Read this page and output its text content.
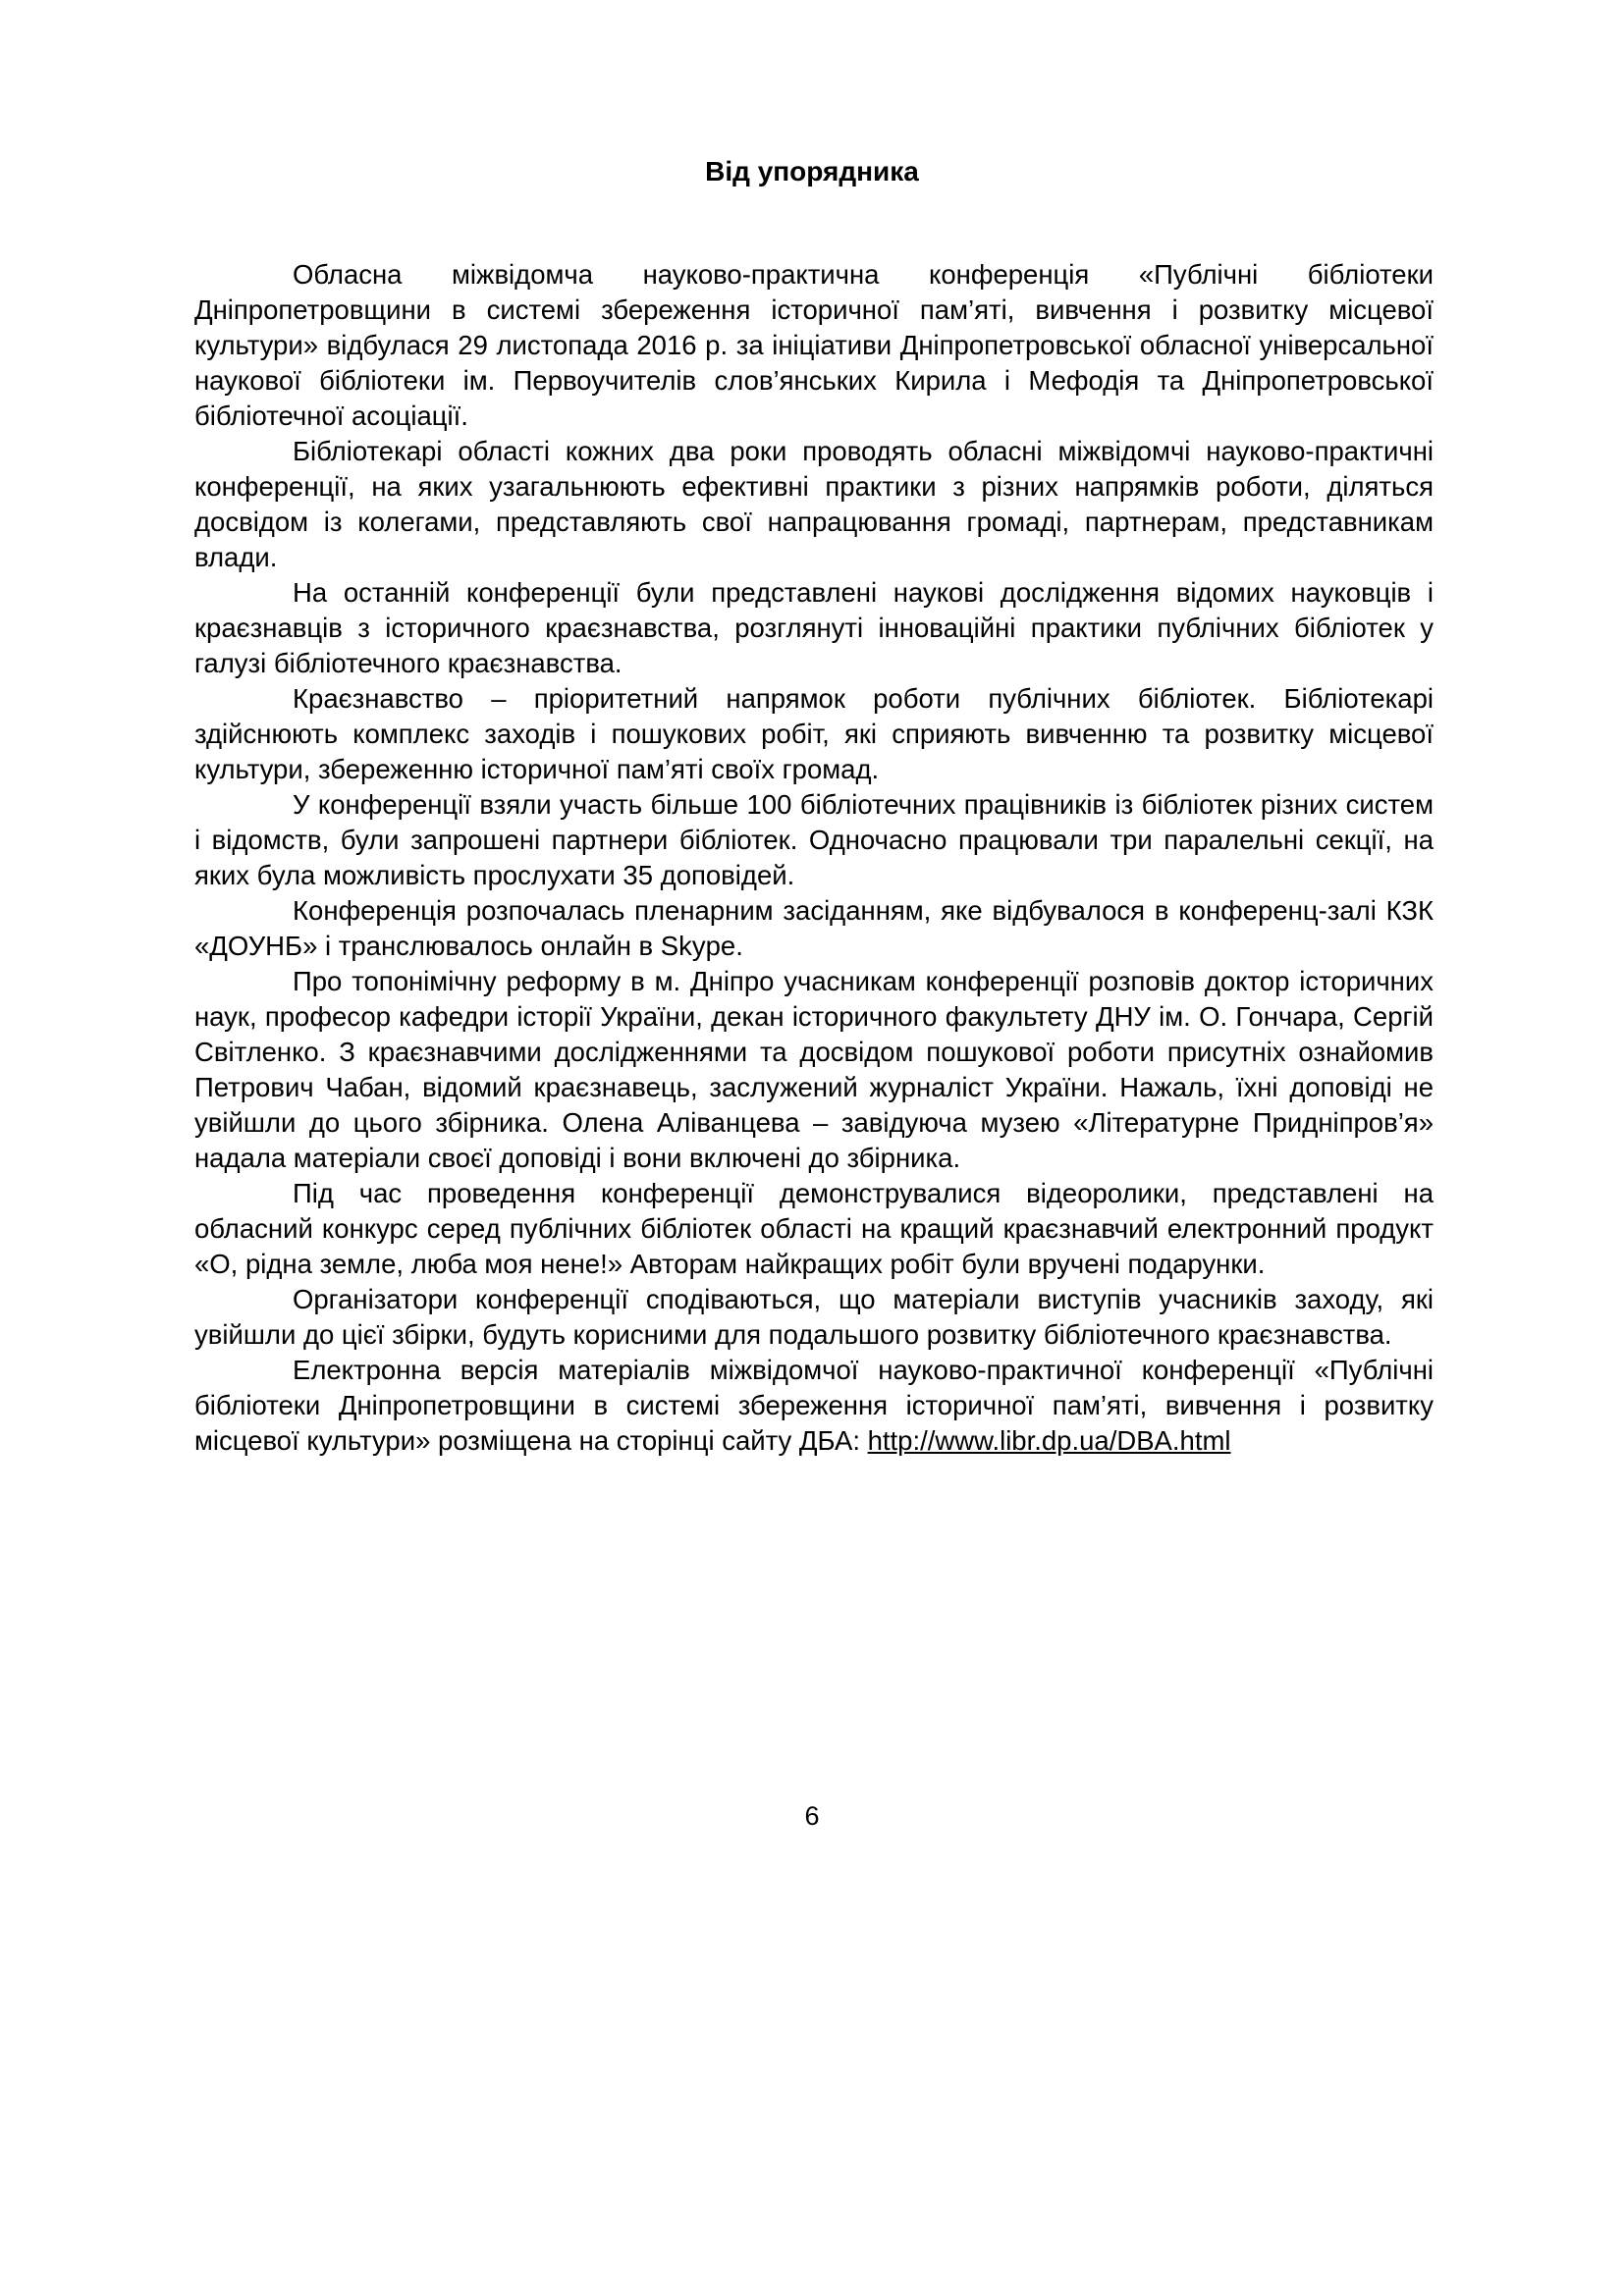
Від упорядника

Обласна міжвідомча науково-практична конференція «Публічні бібліотеки Дніпропетровщини в системі збереження історичної пам’яті, вивчення і розвитку місцевої культури» відбулася 29 листопада 2016 р. за ініціативи Дніпропетровської обласної універсальної наукової бібліотеки ім. Первоучителів слов’янських Кирила і Мефодія та Дніпропетровської бібліотечної асоціації.

Бібліотекарі області кожних два роки проводять обласні міжвідомчі науково-практичні конференції, на яких узагальнюють ефективні практики з різних напрямків роботи, діляться досвідом із колегами, представляють свої напрацювання громаді, партнерам, представникам влади.

На останній конференції були представлені наукові дослідження відомих науковців і краєзнавців з історичного краєзнавства, розглянуті інноваційні практики публічних бібліотек у галузі бібліотечного краєзнавства.

Краєзнавство – пріоритетний напрямок роботи публічних бібліотек. Бібліотекарі здійснюють комплекс заходів і пошукових робіт, які сприяють вивченню та розвитку місцевої культури, збереженню історичної пам’яті своїх громад.

У конференції взяли участь більше 100 бібліотечних працівників із бібліотек різних систем і відомств, були запрошені партнери бібліотек. Одночасно працювали три паралельні секції, на яких була можливість прослухати 35 доповідей.

Конференція розпочалась пленарним засіданням, яке відбувалося в конференц-залі КЗК «ДОУНБ» і транслювалось онлайн в Skype.

Про топонімічну реформу в м. Дніпро учасникам конференції розповів доктор історичних наук, професор кафедри історії України, декан історичного факультету ДНУ ім. О. Гончара, Сергій Світленко. З краєзнавчими дослідженнями та досвідом пошукової роботи присутніх ознайомив Петрович Чабан, відомий краєзнавець, заслужений журналіст України. Нажаль, їхні доповіді не увійшли до цього збірника. Олена Аліванцева – завідуюча музею «Літературне Придніпров’я» надала матеріали своєї доповіді і вони включені до збірника.

Під час проведення конференції демонструвалися відеоролики, представлені на обласний конкурс серед публічних бібліотек області на кращий краєзнавчий електронний продукт «О, рідна земле, люба моя нене!» Авторам найкращих робіт були вручені подарунки.

Організатори конференції сподіваються, що матеріали виступів учасників заходу, які увійшли до цієї збірки, будуть корисними для подальшого розвитку бібліотечного краєзнавства.

Електронна версія матеріалів міжвідомчої науково-практичної конференції «Публічні бібліотеки Дніпропетровщини в системі збереження історичної пам’яті, вивчення і розвитку місцевої культури» розміщена на сторінці сайту ДБА: http://www.libr.dp.ua/DBA.html

6
